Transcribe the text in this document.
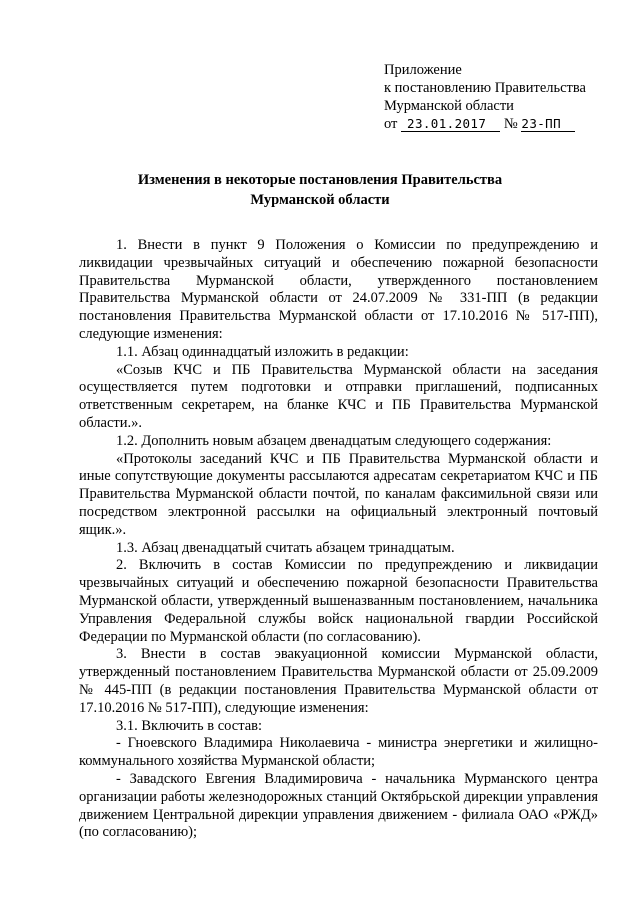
Приложение
к постановлению Правительства
Мурманской области
от 23.01.2017 № 23-ПП
Изменения в некоторые постановления Правительства
Мурманской области

1. Внести в пункт 9 Положения о Комиссии по предупреждению и ликвидации чрезвычайных ситуаций и обеспечению пожарной безопасности Правительства Мурманской области, утвержденного постановлением Правительства Мурманской области от 24.07.2009 № 331-ПП (в редакции постановления Правительства Мурманской области от 17.10.2016 № 517-ПП), следующие изменения:

1.1. Абзац одиннадцатый изложить в редакции:

«Созыв КЧС и ПБ Правительства Мурманской области на заседания осуществляется путем подготовки и отправки приглашений, подписанных ответственным секретарем, на бланке КЧС и ПБ Правительства Мурманской области.».

1.2. Дополнить новым абзацем двенадцатым следующего содержания:

«Протоколы заседаний КЧС и ПБ Правительства Мурманской области и иные сопутствующие документы рассылаются адресатам секретариатом КЧС и ПБ Правительства Мурманской области почтой, по каналам факсимильной связи или посредством электронной рассылки на официальный электронный почтовый ящик.».

1.3. Абзац двенадцатый считать абзацем тринадцатым.

2. Включить в состав Комиссии по предупреждению и ликвидации чрезвычайных ситуаций и обеспечению пожарной безопасности Правительства Мурманской области, утвержденный вышеназванным постановлением, начальника Управления Федеральной службы войск национальной гвардии Российской Федерации по Мурманской области (по согласованию).

3. Внести в состав эвакуационной комиссии Мурманской области, утвержденный постановлением Правительства Мурманской области от 25.09.2009 № 445-ПП (в редакции постановления Правительства Мурманской области от 17.10.2016 № 517-ПП), следующие изменения:

3.1. Включить в состав:

- Гноевского Владимира Николаевича - министра энергетики и жилищно-коммунального хозяйства Мурманской области;

- Завадского Евгения Владимировича - начальника Мурманского центра организации работы железнодорожных станций Октябрьской дирекции управления движением Центральной дирекции управления движением - филиала ОАО «РЖД» (по согласованию);
